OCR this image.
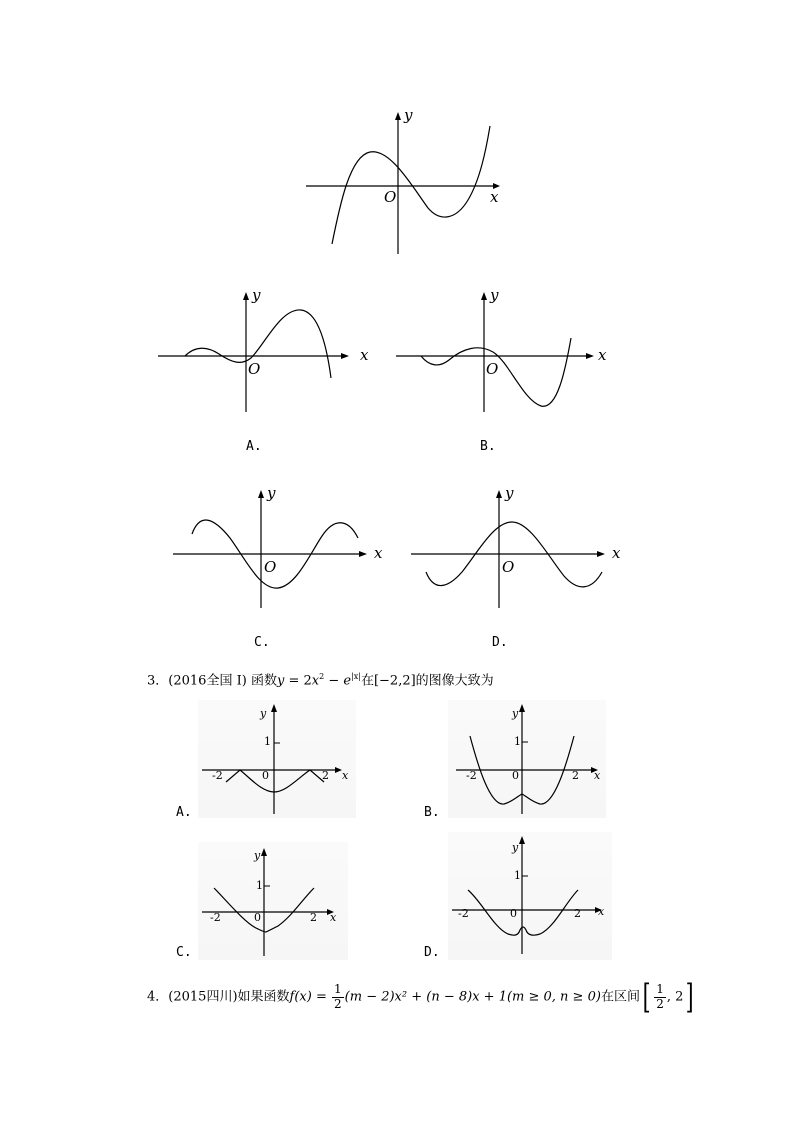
y
O	x
y
O
x
A.
y
O
x
B.
y
O
x
C.
y
O
x
D.
3．(2016全国 I) 函数$y = 2x^2 - e^{|x|}$在[−2,2]的图像大致为
y
1
-2	0	2 x
A.
y
1
-2	0	2 x
B.
y
1
-2	0	2 x
C.
y
1
-2	0	2 x
D.
4．(2015四川)如果函数$f(x) = \frac{1}{2} (m - 2)x^2 + (n - 8)x + 1(m \ge 0$, n ≥ 0)在区间[ $\frac{1}{2}$ , 2]
